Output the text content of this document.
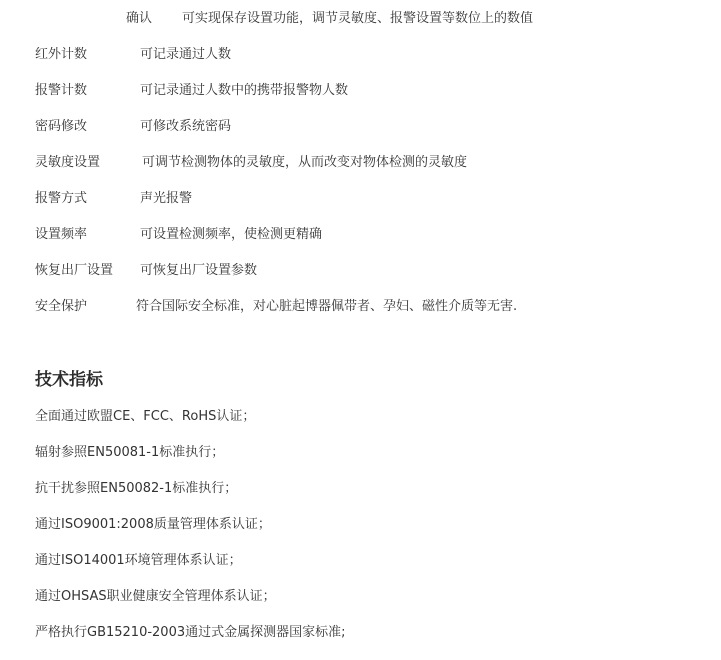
确认 可实现保存设置功能，调节灵敏度、报警设置等数位上的数值
红外计数	可记录通过人数
报警计数	可记录通过人数中的携带报警物人数
密码修改	可修改系统密码
灵敏度设置	可调节检测物体的灵敏度，从而改变对物体检测的灵敏度
报警方式	声光报警
设置频率	可设置检测频率，使检测更精确
恢复出厂设置 可恢复出厂设置参数
安全保护	符合国际安全标准，对心脏起博器佩带者、孕妇、磁性介质等无害.
技术指标
全面通过欧盟CE、FCC、RoHS认证；
辐射参照EN50081-1标准执行；
抗干扰参照EN50082-1标准执行；
通过ISO9001:2008质量管理体系认证；
通过ISO14001环境管理体系认证；
通过OHSAS职业健康安全管理体系认证；
严格执行GB15210-2003通过式金属探测器国家标准;
